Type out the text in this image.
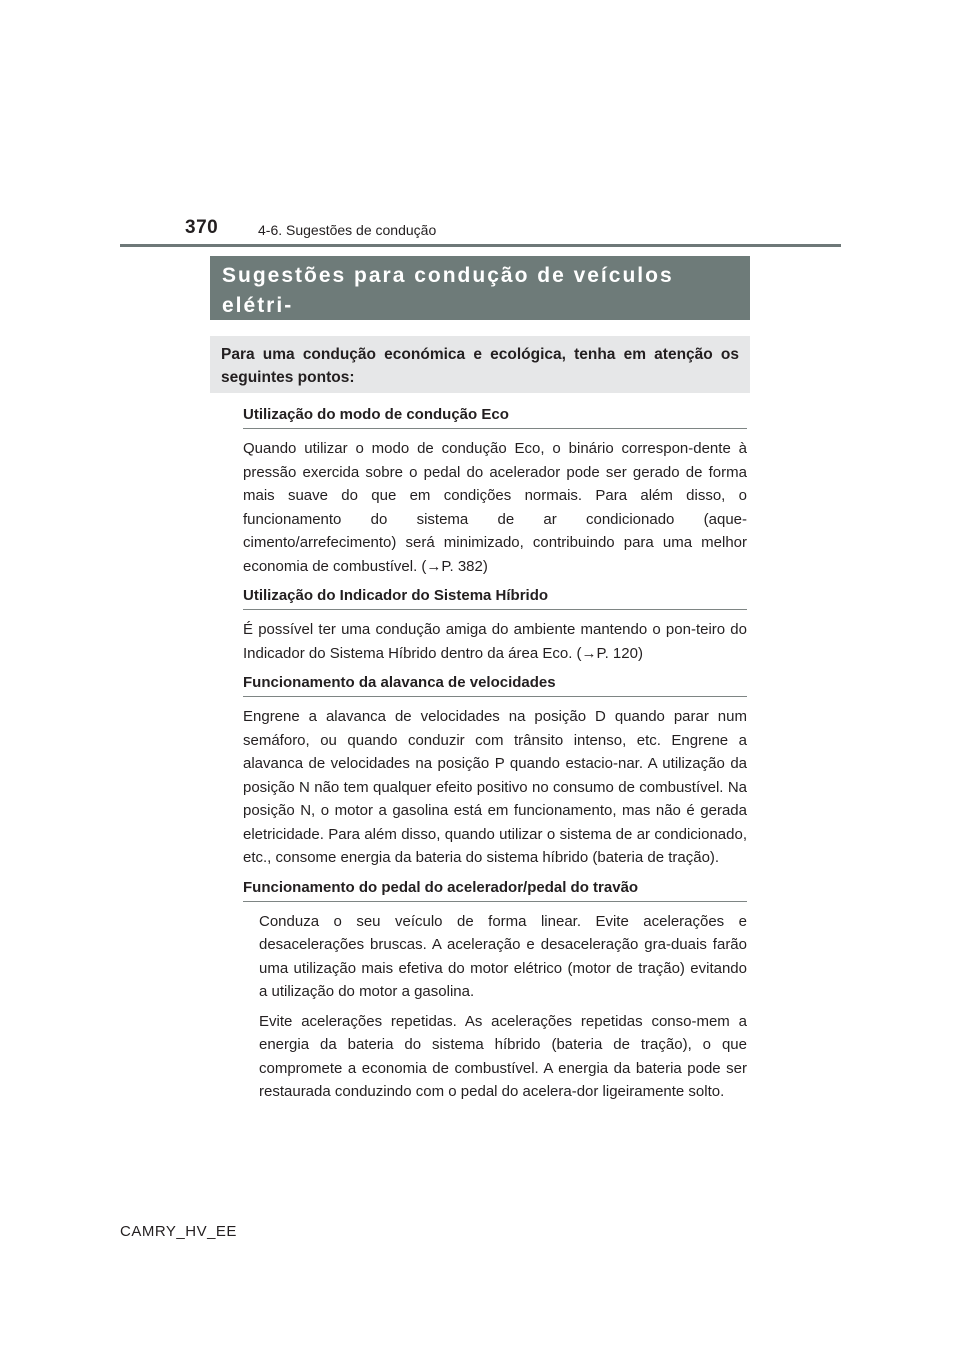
370	4-6. Sugestões de condução

Sugestões para condução de veículos elétri-

Para uma condução económica e ecológica, tenha em atenção os seguintes pontos:

Utilização do modo de condução Eco

Quando utilizar o modo de condução Eco, o binário correspon-dente à pressão exercida sobre o pedal do acelerador pode ser gerado de forma mais suave do que em condições normais. Para além disso, o funcionamento do sistema de ar condicionado (aque-cimento/arrefecimento) será minimizado, contribuindo para uma melhor economia de combustível. (→P. 382)

Utilização do Indicador do Sistema Híbrido

É possível ter uma condução amiga do ambiente mantendo o pon-teiro do Indicador do Sistema Híbrido dentro da área Eco. (→P. 120)

Funcionamento da alavanca de velocidades

Engrene a alavanca de velocidades na posição D quando parar num semáforo, ou quando conduzir com trânsito intenso, etc. Engrene a alavanca de velocidades na posição P quando estacio-nar. A utilização da posição N não tem qualquer efeito positivo no consumo de combustível. Na posição N, o motor a gasolina está em funcionamento, mas não é gerada eletricidade. Para além disso, quando utilizar o sistema de ar condicionado, etc., consome energia da bateria do sistema híbrido (bateria de tração).

Funcionamento do pedal do acelerador/pedal do travão

Conduza o seu veículo de forma linear. Evite acelerações e desacelerações bruscas. A aceleração e desaceleração gra-duais farão uma utilização mais efetiva do motor elétrico (motor de tração) evitando a utilização do motor a gasolina.

Evite acelerações repetidas. As acelerações repetidas conso-mem a energia da bateria do sistema híbrido (bateria de tração), o que compromete a economia de combustível. A energia da bateria pode ser restaurada conduzindo com o pedal do acelera-dor ligeiramente solto.

CAMRY_HV_EE
